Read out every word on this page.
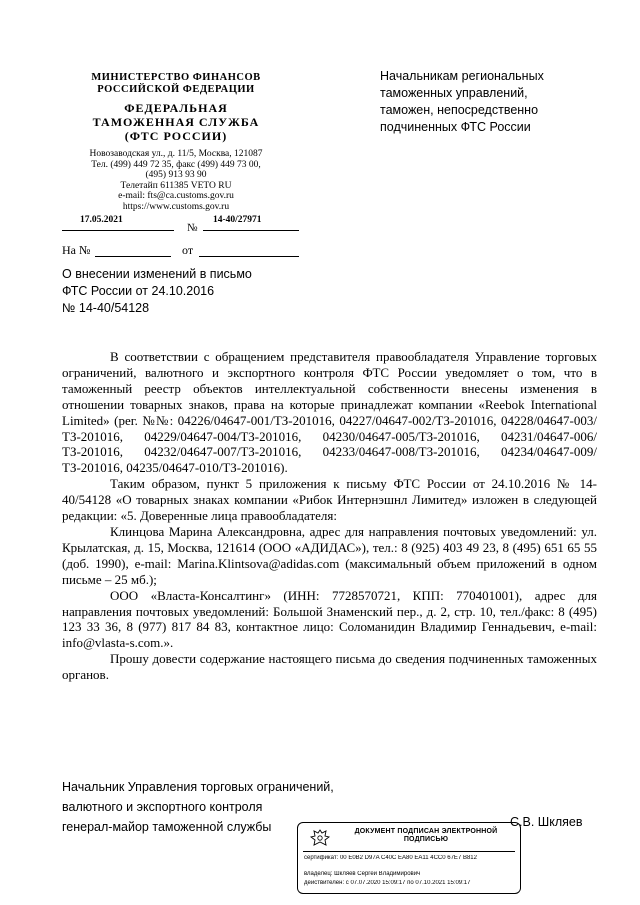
МИНИСТЕРСТВО ФИНАНСОВ
РОССИЙСКОЙ ФЕДЕРАЦИИ
ФЕДЕРАЛЬНАЯ
ТАМОЖЕННАЯ СЛУЖБА
(ФТС РОССИИ)
Новозаводская ул., д. 11/5, Москва, 121087
Тел. (499) 449 72 35, факс (499) 449 73 00,
(495) 913 93 90
Телетайп 611385 VETO RU
e-mail: fts@ca.customs.gov.ru
https://www.customs.gov.ru
17.05.2021
№
14-40/27971
На №	от
Начальникам региональных
таможенных управлений,
таможен, непосредственно
подчиненных ФТС России
О внесении изменений в письмо
ФТС России от 24.10.2016
№ 14-40/54128

В соответствии с обращением представителя правообладателя Управление торговых ограничений, валютного и экспортного контроля ФТС России уведомляет о том, что в таможенный реестр объектов интеллектуальной собственности внесены изменения в отношении товарных знаков, права на которые принадлежат компании «Reebok International Limited» (рег. №№: 04226/04647-001/ТЗ-201016, 04227/04647-002/ТЗ-201016, 04228/04647-003/ТЗ-201016, 04229/04647-004/ТЗ-201016, 04230/04647-005/ТЗ-201016, 04231/04647-006/ТЗ-201016, 04232/04647-007/ТЗ-201016, 04233/04647-008/ТЗ-201016, 04234/04647-009/ТЗ-201016, 04235/04647-010/ТЗ-201016).

Таким образом, пункт 5 приложения к письму ФТС России от 24.10.2016 № 14-40/54128 «О товарных знаках компании «Рибок Интернэшнл Лимитед» изложен в следующей редакции: «5. Доверенные лица правообладателя:

Клинцова Марина Александровна, адрес для направления почтовых уведомлений: ул. Крылатская, д. 15, Москва, 121614 (ООО «АДИДАС»), тел.: 8 (925) 403 49 23, 8 (495) 651 65 55 (доб. 1990), e-mail: Marina.Klintsova@adidas.com (максимальный объем приложений в одном письме – 25 мб.);

ООО «Власта-Консалтинг» (ИНН: 7728570721, КПП: 770401001), адрес для направления почтовых уведомлений: Большой Знаменский пер., д. 2, стр. 10, тел./факс: 8 (495) 123 33 36, 8 (977) 817 84 83, контактное лицо: Соломанидин Владимир Геннадьевич, e-mail: info@vlasta-s.com.».

Прошу довести содержание настоящего письма до сведения подчиненных таможенных органов.

Начальник Управления торговых ограничений,
валютного и экспортного контроля
генерал-майор таможенной службы	С.В. Шкляев
ДОКУМЕНТ ПОДПИСАН ЭЛЕКТРОННОЙ
ПОДПИСЬЮ
сертификат: 00 E0B2 D97A C40C EA80 EA11 4CC0 67E7 B812
владелец: Шкляев Сергей Владимирович
действителен: с 07.07.2020 15:09:17 по 07.10.2021 15:09:17
